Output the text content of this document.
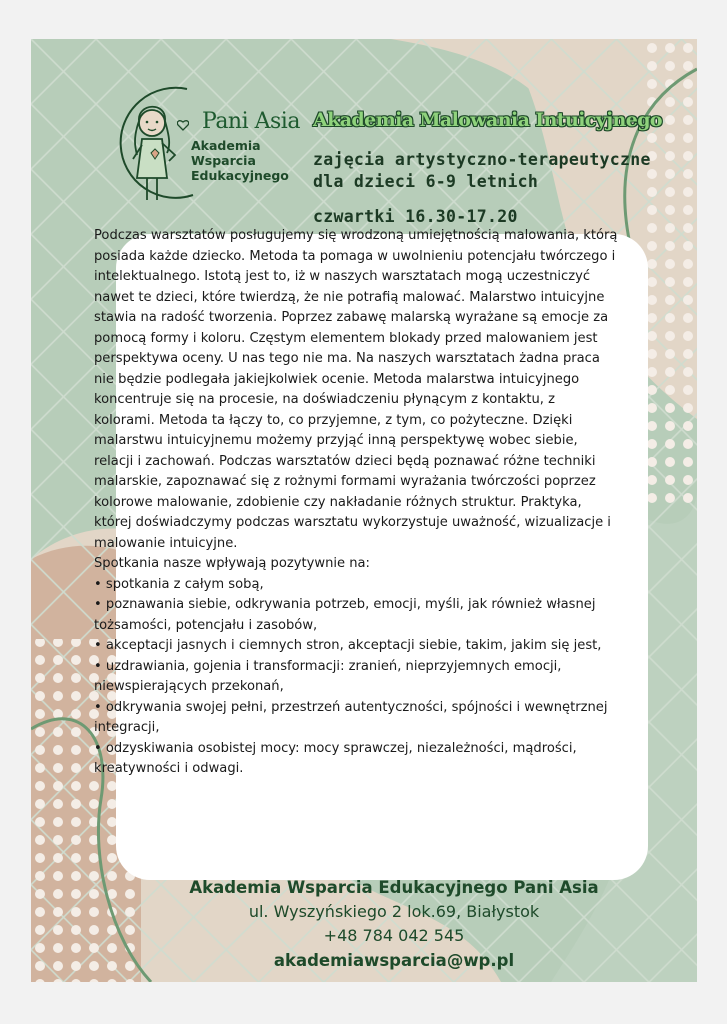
Pani Asia
Akademia
Wsparcia
Edukacyjnego
Akademia Malowania Intuicyjnego
zajęcia artystyczno-terapeutyczne
dla dzieci 6-9 letnich
czwartki 16.30-17.20
Akademia Wsparcia Edukacyjnego Pani Asia
ul. Wyszyńskiego 2 lok.69, Białystok
+48 784 042 545
akademiawsparcia@wp.pl

Podczas warsztatów posługujemy się wrodzoną umiejętnością malowania, którą posiada każde dziecko. Metoda ta pomaga w uwolnieniu potencjału twórczego i intelektualnego. Istotą jest to, iż w naszych warsztatach mogą uczestniczyć nawet te dzieci, które twierdzą, że nie potrafią malować. Malarstwo intuicyjne stawia na radość tworzenia. Poprzez zabawę malarską wyrażane są emocje za pomocą formy i koloru. Częstym elementem blokady przed malowaniem jest perspektywa oceny. U nas tego nie ma. Na naszych warsztatach żadna praca nie będzie podlegała jakiejkolwiek ocenie. Metoda malarstwa intuicyjnego koncentruje się na procesie, na doświadczeniu płynącym z kontaktu, z kolorami. Metoda ta łączy to, co przyjemne, z tym, co pożyteczne. Dzięki malarstwu intuicyjnemu możemy przyjąć inną perspektywę wobec siebie, relacji i zachowań. Podczas warsztatów dzieci będą poznawać różne techniki malarskie, zapoznawać się z rożnymi formami wyrażania twórczości poprzez kolorowe malowanie, zdobienie czy nakładanie różnych struktur. Praktyka, której doświadczymy podczas warsztatu wykorzystuje uważność, wizualizacje i malowanie intuicyjne.

Spotkania nasze wpływają pozytywnie na:

• spotkania z całym sobą,
• poznawania siebie, odkrywania potrzeb, emocji, myśli, jak również własnej tożsamości, potencjału i zasobów,
• akceptacji jasnych i ciemnych stron, akceptacji siebie, takim, jakim się jest,
• uzdrawiania, gojenia i transformacji: zranień, nieprzyjemnych emocji, niewspierających przekonań,
• odkrywania swojej pełni, przestrzeń autentyczności, spójności i wewnętrznej integracji,
• odzyskiwania osobistej mocy: mocy sprawczej, niezależności, mądrości, kreatywności i odwagi.
